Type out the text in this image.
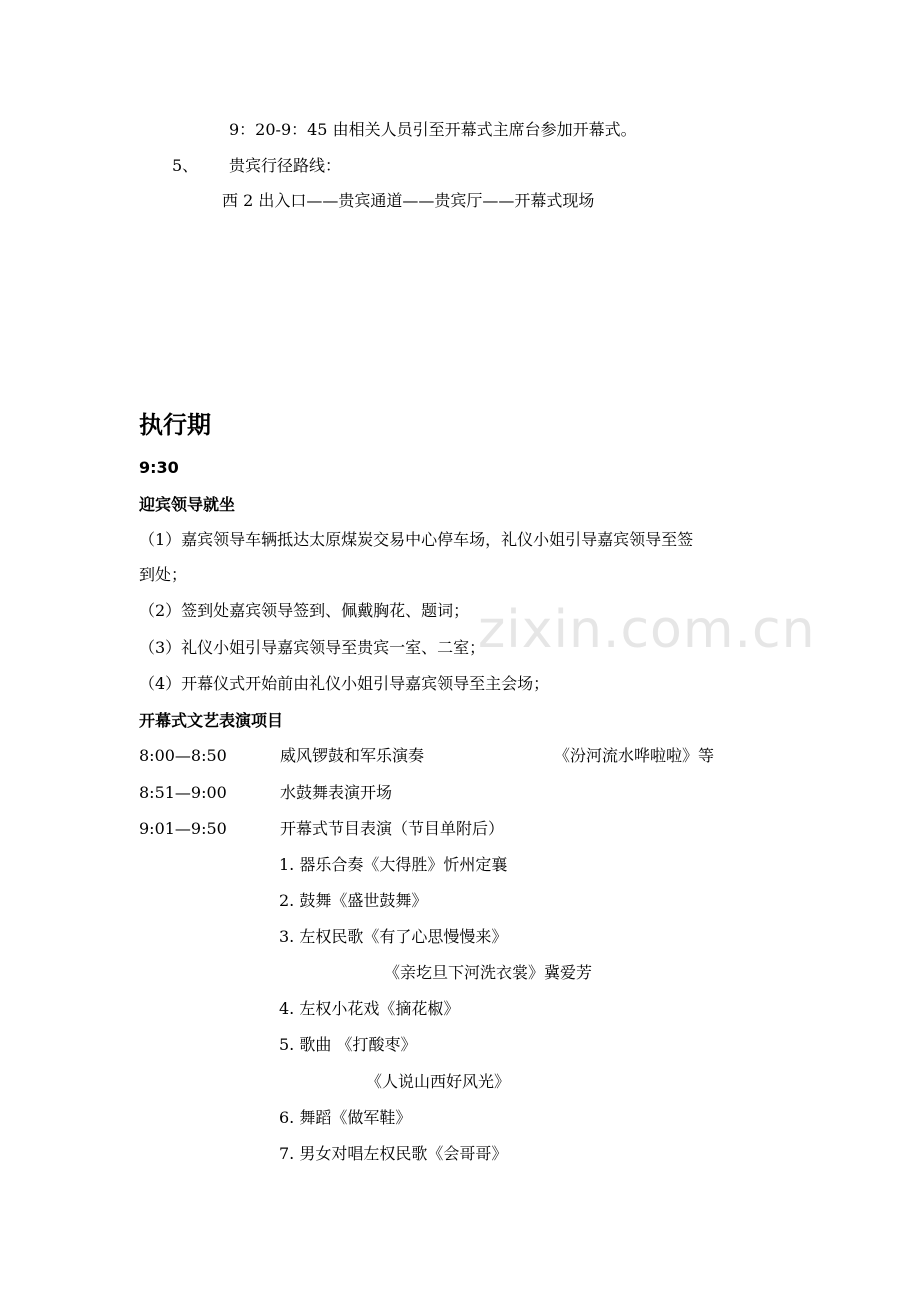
zixin.com.cn
9：20-9：45 由相关人员引至开幕式主席台参加开幕式。
5、 贵宾行径路线：
西 2 出入口——贵宾通道——贵宾厅——开幕式现场
执行期
9:30
迎宾领导就坐
（1）嘉宾领导车辆抵达太原煤炭交易中心停车场，礼仪小姐引导嘉宾领导至签
到处；
（2）签到处嘉宾领导签到、佩戴胸花、题词；
（3）礼仪小姐引导嘉宾领导至贵宾一室、二室；
（4）开幕仪式开始前由礼仪小姐引导嘉宾领导至主会场；
开幕式文艺表演项目
8:00—8:50	威风锣鼓和军乐演奏	《汾河流水哗啦啦》等
8:51—9:00	水鼓舞表演开场
9:01—9:50	开幕式节目表演（节目单附后）
1. 器乐合奏《大得胜》忻州定襄
2. 鼓舞《盛世鼓舞》
3. 左权民歌《有了心思慢慢来》
《亲圪旦下河洗衣裳》冀爱芳
4. 左权小花戏《摘花椒》
5. 歌曲 《打酸枣》
《人说山西好风光》
6. 舞蹈《做军鞋》
7. 男女对唱左权民歌《会哥哥》
